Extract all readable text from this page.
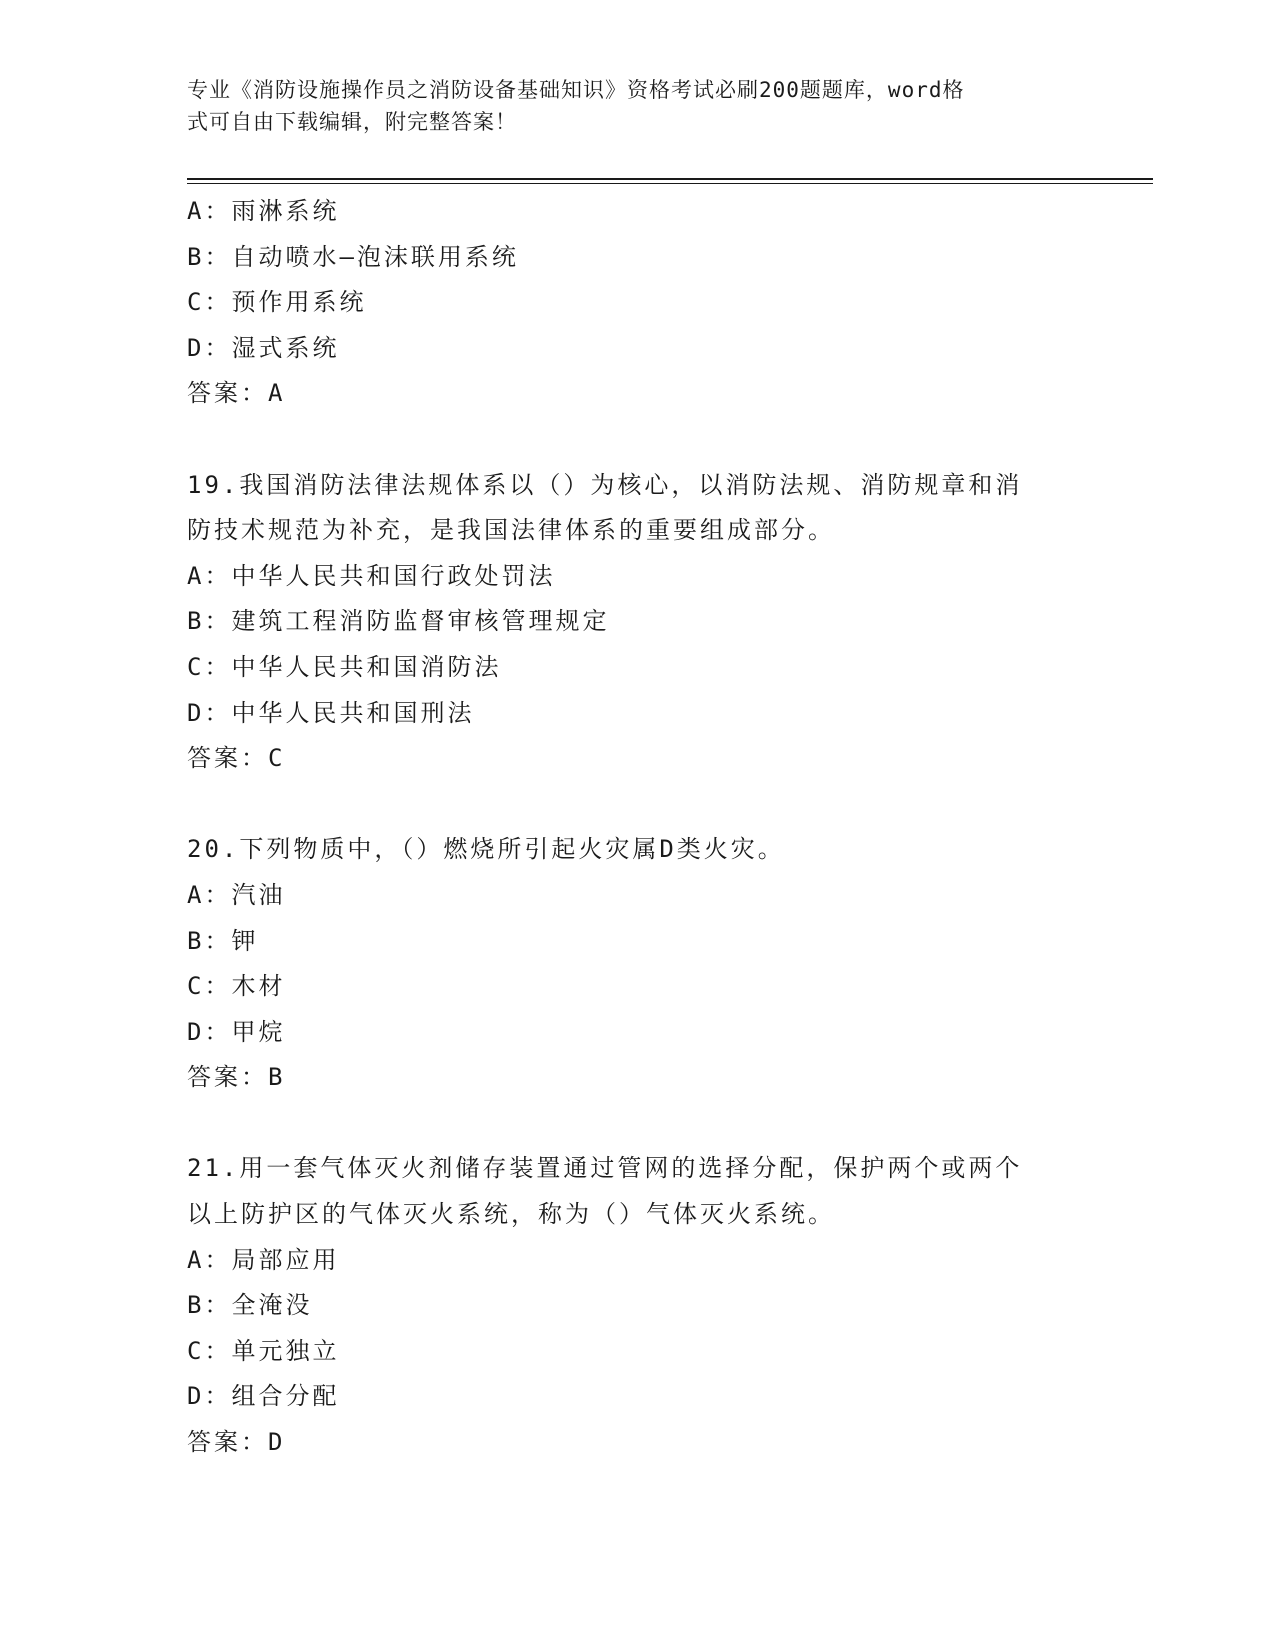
专业《消防设施操作员之消防设备基础知识》资格考试必刷200题题库，word格
式可自由下载编辑，附完整答案！
A：雨淋系统
B：自动喷水—泡沫联用系统
C：预作用系统
D：湿式系统
答案：A
19.我国消防法律法规体系以（）为核心，以消防法规、消防规章和消
防技术规范为补充，是我国法律体系的重要组成部分。
A：中华人民共和国行政处罚法
B：建筑工程消防监督审核管理规定
C：中华人民共和国消防法
D：中华人民共和国刑法
答案：C
20.下列物质中，（）燃烧所引起火灾属D类火灾。
A：汽油
B：钾
C：木材
D：甲烷
答案：B
21.用一套气体灭火剂储存装置通过管网的选择分配，保护两个或两个
以上防护区的气体灭火系统，称为（）气体灭火系统。
A：局部应用
B：全淹没
C：单元独立
D：组合分配
答案：D
